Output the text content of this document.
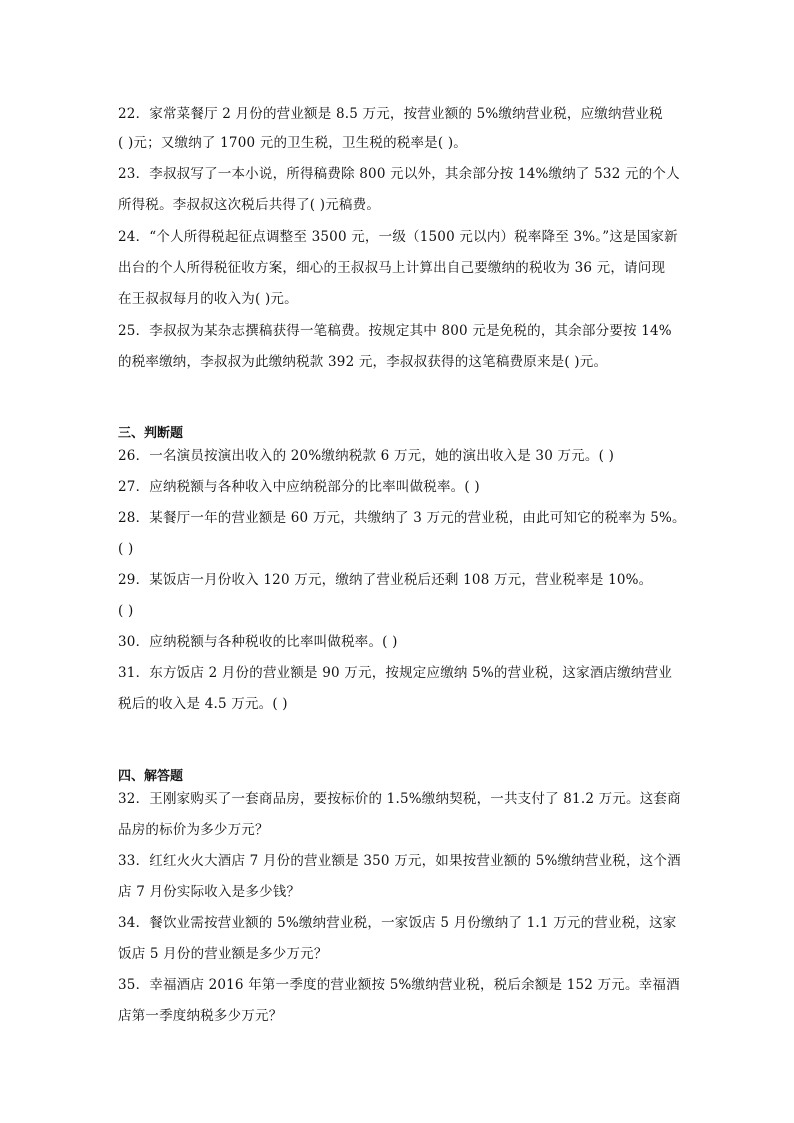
22．家常菜餐厅 2 月份的营业额是 8.5 万元，按营业额的 5%缴纳营业税，应缴纳营业税
( )元；又缴纳了 1700 元的卫生税，卫生税的税率是( )。
23．李叔叔写了一本小说，所得稿费除 800 元以外，其余部分按 14%缴纳了 532 元的个人
所得税。李叔叔这次税后共得了( )元稿费。
24．“个人所得税起征点调整至 3500 元，一级（1500 元以内）税率降至 3%。”这是国家新
出台的个人所得税征收方案，细心的王叔叔马上计算出自己要缴纳的税收为 36 元，请问现
在王叔叔每月的收入为( )元。
25．李叔叔为某杂志撰稿获得一笔稿费。按规定其中 800 元是免税的，其余部分要按 14%
的税率缴纳，李叔叔为此缴纳税款 392 元，李叔叔获得的这笔稿费原来是( )元。
三、判断题
26．一名演员按演出收入的 20%缴纳税款 6 万元，她的演出收入是 30 万元。( )
27．应纳税额与各种收入中应纳税部分的比率叫做税率。( )
28．某餐厅一年的营业额是 60 万元，共缴纳了 3 万元的营业税，由此可知它的税率为 5%。
( )
29．某饭店一月份收入 120 万元，缴纳了营业税后还剩 108 万元，营业税率是 10%。
( )
30．应纳税额与各种税收的比率叫做税率。( )
31．东方饭店 2 月份的营业额是 90 万元，按规定应缴纳 5%的营业税，这家酒店缴纳营业
税后的收入是 4.5 万元。( )
四、解答题
32．王刚家购买了一套商品房，要按标价的 1.5%缴纳契税，一共支付了 81.2 万元。这套商
品房的标价为多少万元？
33．红红火火大酒店 7 月份的营业额是 350 万元，如果按营业额的 5%缴纳营业税，这个酒
店 7 月份实际收入是多少钱？
34．餐饮业需按营业额的 5%缴纳营业税，一家饭店 5 月份缴纳了 1.1 万元的营业税，这家
饭店 5 月份的营业额是多少万元？
35．幸福酒店 2016 年第一季度的营业额按 5%缴纳营业税，税后余额是 152 万元。幸福酒
店第一季度纳税多少万元？
